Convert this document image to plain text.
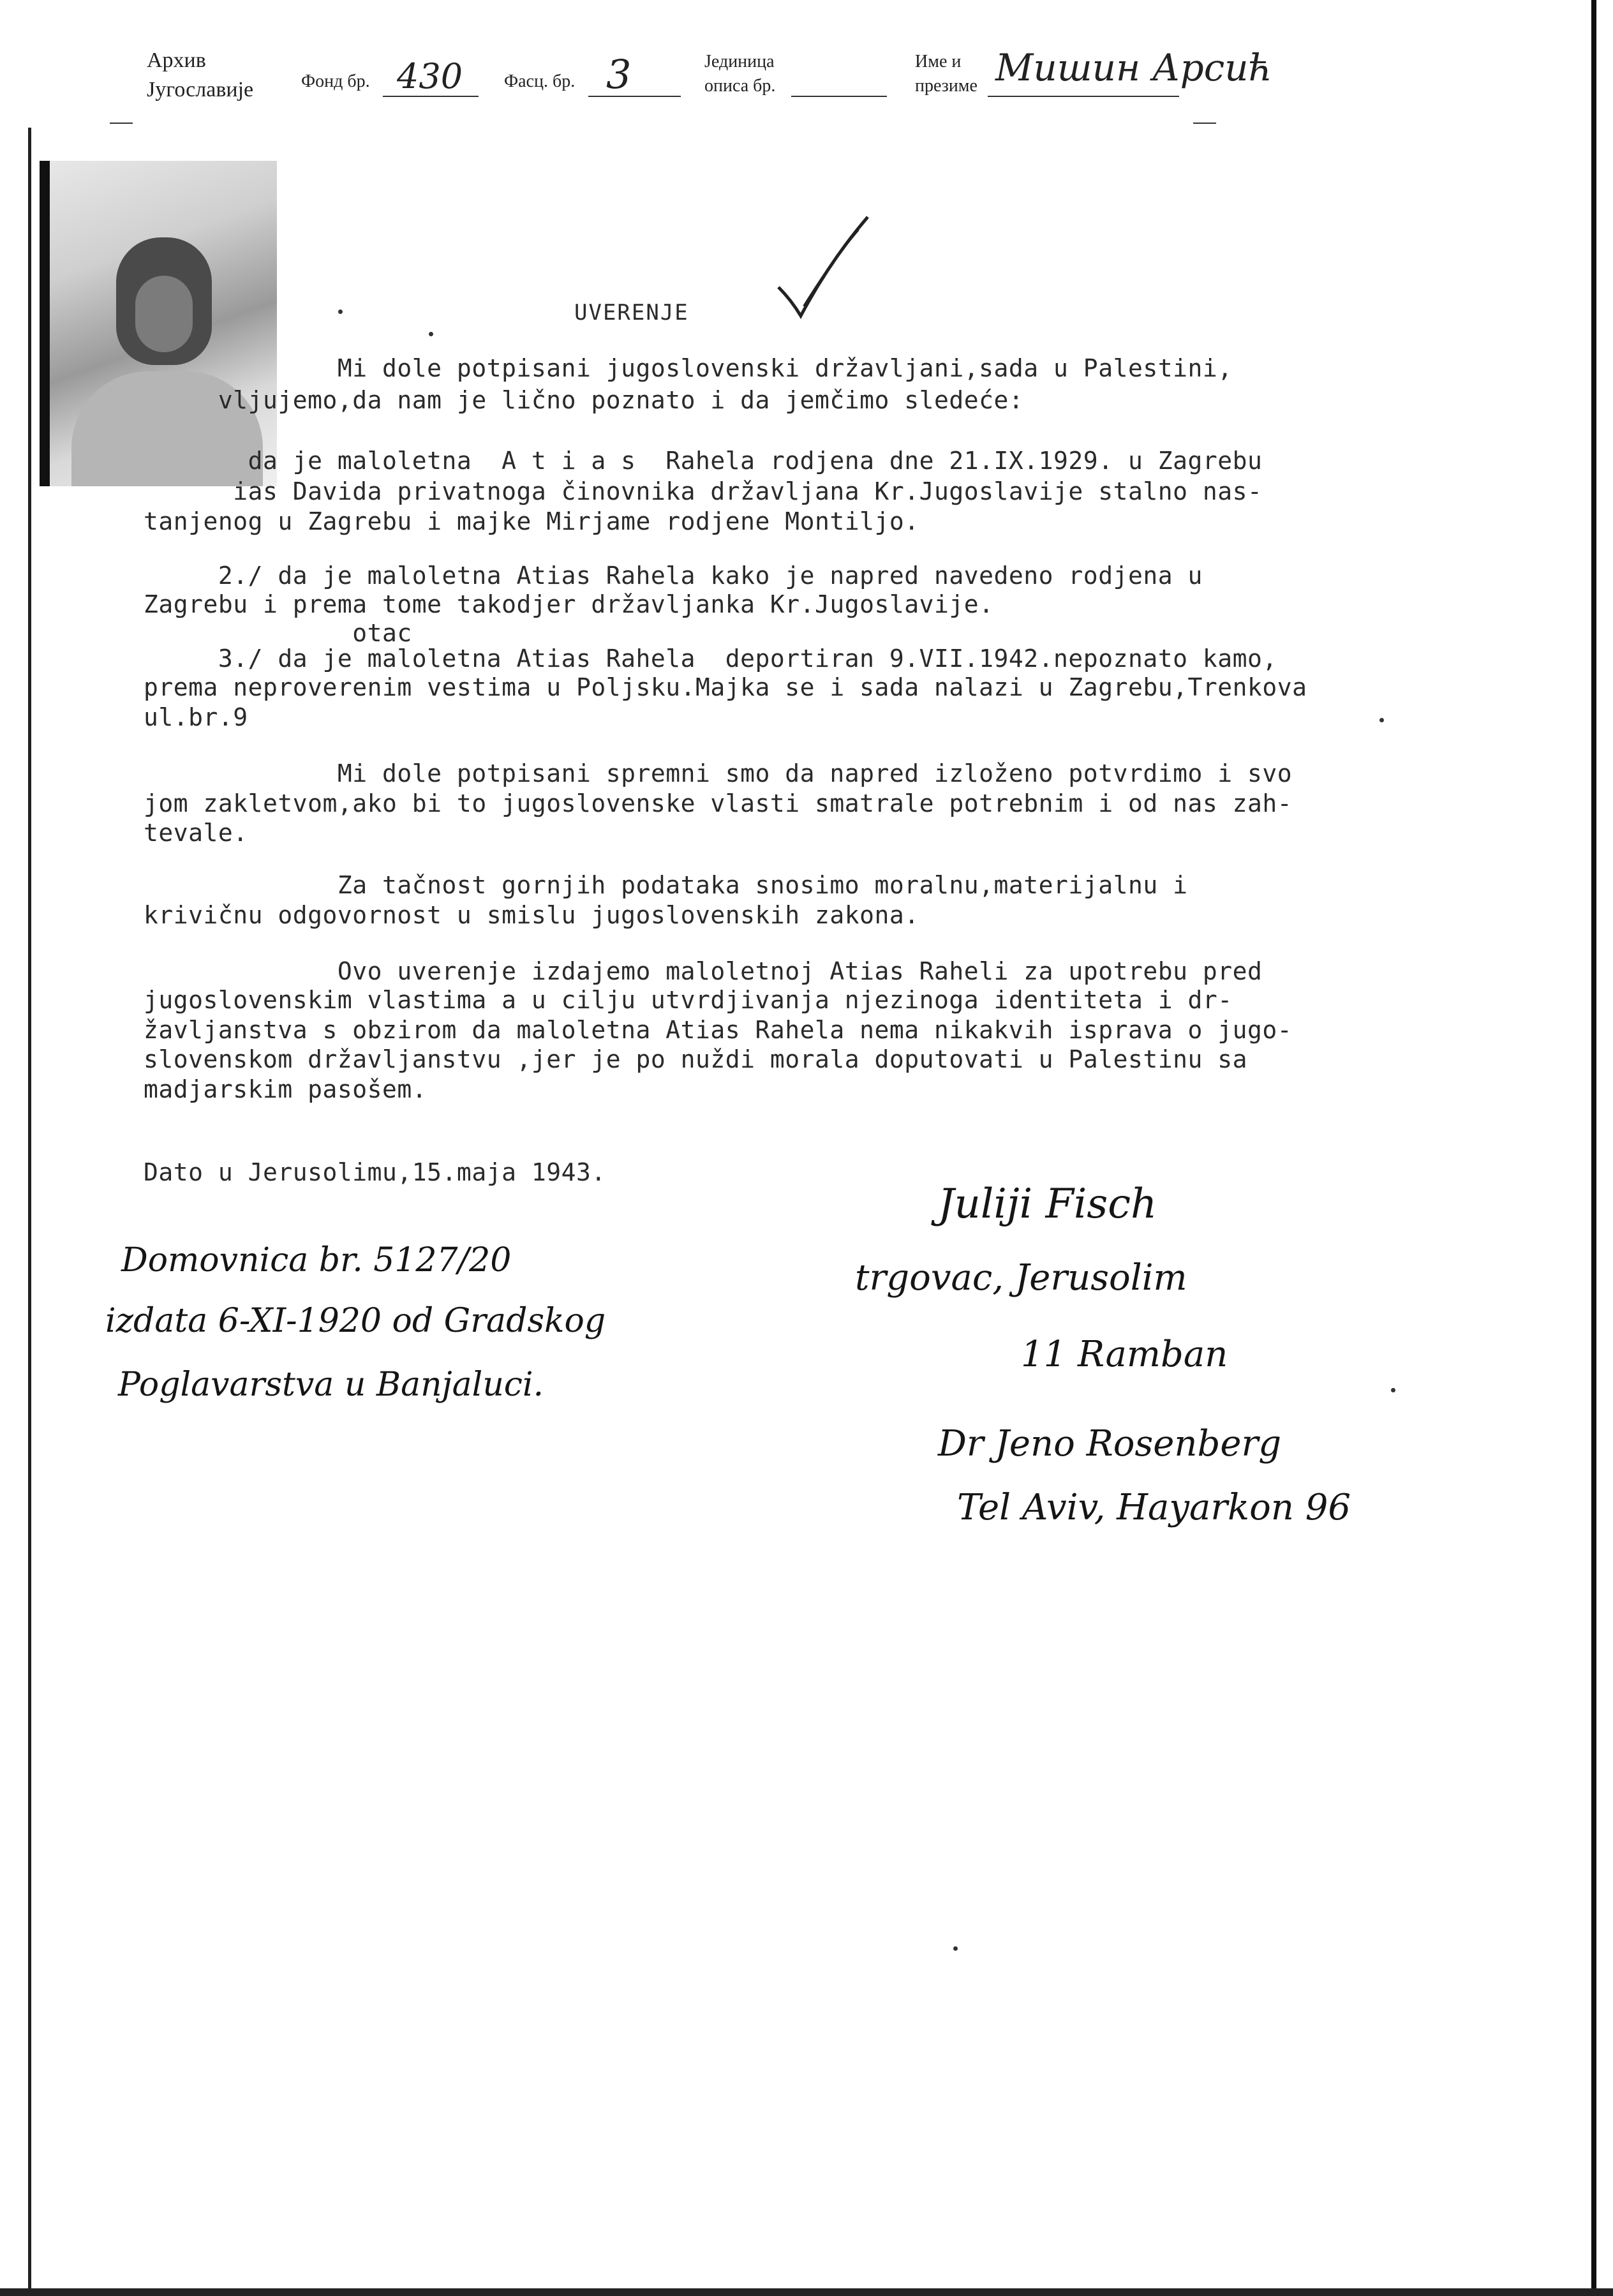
Архив
Југославије	Фонд бр. 430 Фасц. бр. 3	Јединица
описа бр.
Име и
презиме Мишин Арсић
UVERENJE
Mi dole potpisani jugoslovenski državljani,sada u Palestini,
vljujemo,da nam je lično poznato i da jemčimo sledeće:
da je maloletna  A t i a s  Rahela rodjena dne 21.IX.1929. u Zagrebu
ias Davida privatnoga činovnika državljana Kr.Jugoslavije stalno nas-
tanjenog u Zagrebu i majke Mirjame rodjene Montiljo.
2./ da je maloletna Atias Rahela kako je napred navedeno rodjena u
Zagrebu i prema tome takodjer državljanka Kr.Jugoslavije.
otac
3./ da je maloletna Atias Rahela  deportiran 9.VII.1942.nepoznato kamo,
prema neproverenim vestima u Poljsku.Majka se i sada nalazi u Zagrebu,Trenkova
ul.br.9
Mi dole potpisani spremni smo da napred izloženo potvrdimo i svo
jom zakletvom,ako bi to jugoslovenske vlasti smatrale potrebnim i od nas zah-
tevale.
Za tačnost gornjih podataka snosimo moralnu,materijalnu i
krivičnu odgovornost u smislu jugoslovenskih zakona.
Ovo uverenje izdajemo maloletnoj Atias Raheli za upotrebu pred
jugoslovenskim vlastima a u cilju utvrdjivanja njezinoga identiteta i dr-
žavljanstva s obzirom da maloletna Atias Rahela nema nikakvih isprava o jugo-
slovenskom državljanstvu ,jer je po nuždi morala doputovati u Palestinu sa
madjarskim pasošem.
Dato u Jerusolimu,15.maja 1943.
Domovnica br. 5127/20
izdata 6-XI-1920 od Gradskog
Poglavarstva u Banjaluci.
Juliji Fisch
trgovac, Jerusolim
11 Ramban
Dr Jeno Rosenberg
Tel Aviv, Hayarkon 96
